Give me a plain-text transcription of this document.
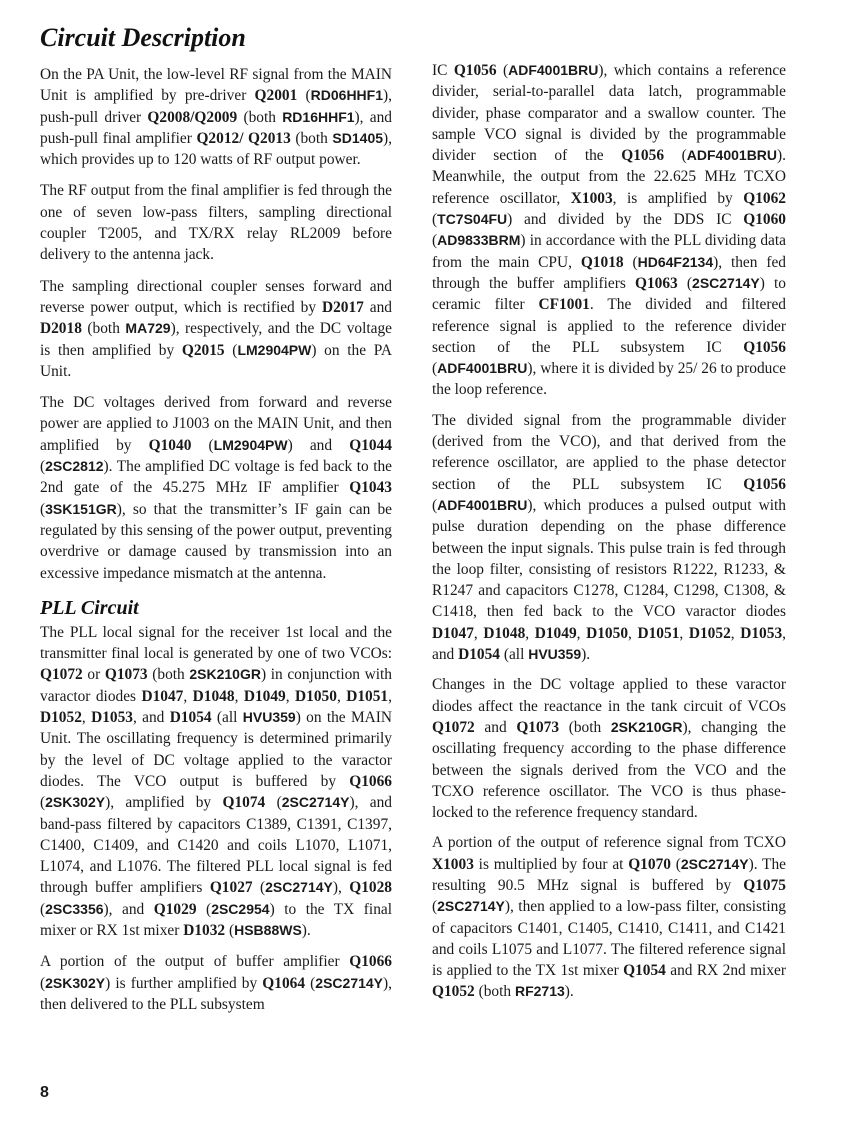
Circuit Description

On the PA Unit, the low-level RF signal from the MAIN Unit is amplified by pre-driver Q2001 (RD06HHF1), push-pull driver Q2008/Q2009 (both RD16HHF1), and push-pull final amplifier Q2012/ Q2013 (both SD1405), which provides up to 120 watts of RF output power.

The RF output from the final amplifier is fed through the one of seven low-pass filters, sampling directional coupler T2005, and TX/RX relay RL2009 before delivery to the antenna jack.

The sampling directional coupler senses forward and reverse power output, which is rectified by D2017 and D2018 (both MA729), respectively, and the DC voltage is then amplified by Q2015 (LM2904PW) on the PA Unit.

The DC voltages derived from forward and reverse power are applied to J1003 on the MAIN Unit, and then amplified by Q1040 (LM2904PW) and Q1044 (2SC2812). The amplified DC voltage is fed back to the 2nd gate of the 45.275 MHz IF amplifier Q1043 (3SK151GR), so that the transmitter’s IF gain can be regulated by this sensing of the power output, preventing overdrive or damage caused by transmission into an excessive impedance mismatch at the antenna.

PLL Circuit

The PLL local signal for the receiver 1st local and the transmitter final local is generated by one of two VCOs: Q1072 or Q1073 (both 2SK210GR) in conjunction with varactor diodes D1047, D1048, D1049, D1050, D1051, D1052, D1053, and D1054 (all HVU359) on the MAIN Unit. The oscillating frequency is determined primarily by the level of DC voltage applied to the varactor diodes. The VCO output is buffered by Q1066 (2SK302Y), amplified by Q1074 (2SC2714Y), and band-pass filtered by capacitors C1389, C1391, C1397, C1400, C1409, and C1420 and coils L1070, L1071, L1074, and L1076. The filtered PLL local signal is fed through buffer amplifiers Q1027 (2SC2714Y), Q1028 (2SC3356), and Q1029 (2SC2954) to the TX final mixer or RX 1st mixer D1032 (HSB88WS).

A portion of the output of buffer amplifier Q1066 (2SK302Y) is further amplified by Q1064 (2SC2714Y), then delivered to the PLL subsystem

IC Q1056 (ADF4001BRU), which contains a reference divider, serial-to-parallel data latch, programmable divider, phase comparator and a swallow counter. The sample VCO signal is divided by the programmable divider section of the Q1056 (ADF4001BRU). Meanwhile, the output from the 22.625 MHz TCXO reference oscillator, X1003, is amplified by Q1062 (TC7S04FU) and divided by the DDS IC Q1060 (AD9833BRM) in accordance with the PLL dividing data from the main CPU, Q1018 (HD64F2134), then fed through the buffer amplifiers Q1063 (2SC2714Y) to ceramic filter CF1001. The divided and filtered reference signal is applied to the reference divider section of the PLL subsystem IC Q1056 (ADF4001BRU), where it is divided by 25/ 26 to produce the loop reference.

The divided signal from the programmable divider (derived from the VCO), and that derived from the reference oscillator, are applied to the phase detector section of the PLL subsystem IC Q1056 (ADF4001BRU), which produces a pulsed output with pulse duration depending on the phase difference between the input signals. This pulse train is fed through the loop filter, consisting of resistors R1222, R1233, & R1247 and capacitors C1278, C1284, C1298, C1308, & C1418, then fed back to the VCO varactor diodes D1047, D1048, D1049, D1050, D1051, D1052, D1053, and D1054 (all HVU359).

Changes in the DC voltage applied to these varactor diodes affect the reactance in the tank circuit of VCOs Q1072 and Q1073 (both 2SK210GR), changing the oscillating frequency according to the phase difference between the signals derived from the VCO and the TCXO reference oscillator. The VCO is thus phase-locked to the reference frequency standard.

A portion of the output of reference signal from TCXO X1003 is multiplied by four at Q1070 (2SC2714Y). The resulting 90.5 MHz signal is buffered by Q1075 (2SC2714Y), then applied to a low-pass filter, consisting of capacitors C1401, C1405, C1410, C1411, and C1421 and coils L1075 and L1077. The filtered reference signal is applied to the TX 1st mixer Q1054 and RX 2nd mixer Q1052 (both RF2713).

8
